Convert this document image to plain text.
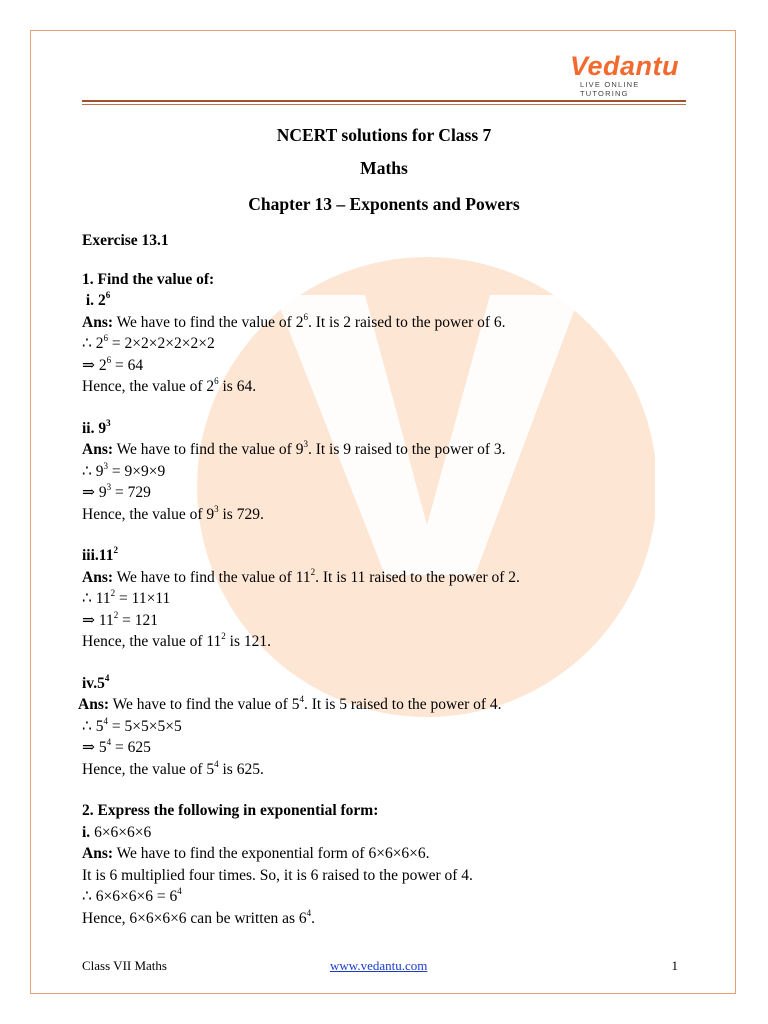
Vedantu
LIVE ONLINE TUTORING
NCERT solutions for Class 7
Maths
Chapter 13 – Exponents and Powers
Exercise 13.1
1. Find the value of:
i. $2^6$
Ans: We have to find the value of $2^6$. It is 2 raised to the power of 6.
∴ $2^6 = 2\times 2\times 2\times 2\times 2\times 2$
⇒ $2^6 = 64$
Hence, the value of $2^6$ is 64.
ii. $9^3$
Ans: We have to find the value of $9^3$. It is 9 raised to the power of 3.
∴ $9^3 = 9\times 9\times 9$
⇒ $9^3 = 729$
Hence, the value of $9^3$ is 729.
$iii.11^2$
Ans: We have to find the value of $11^2$. It is 11 raised to the power of 2.
∴ $11^2 = 11\times 11$
⇒ $11^2 = 121$
Hence, the value of $11^2$ is 121.
$iv.5^4$
Ans: We have to find the value of $5^4$. It is 5 raised to the power of 4.
∴ $5^4 = 5\times 5\times 5\times 5$
⇒ $5^4 = 625$
Hence, the value of $5^4$ is 625.
2. Express the following in exponential form:
i. 6×6×6×6
Ans: We have to find the exponential form of 6×6×6×6.
It is 6 multiplied four times. So, it is 6 raised to the power of 4.
∴ $6\times 6\times 6\times 6 = 6^4$
Hence, 6×6×6×6 can be written as $6^4$.
Class VII Maths	www.vedantu.com	1
